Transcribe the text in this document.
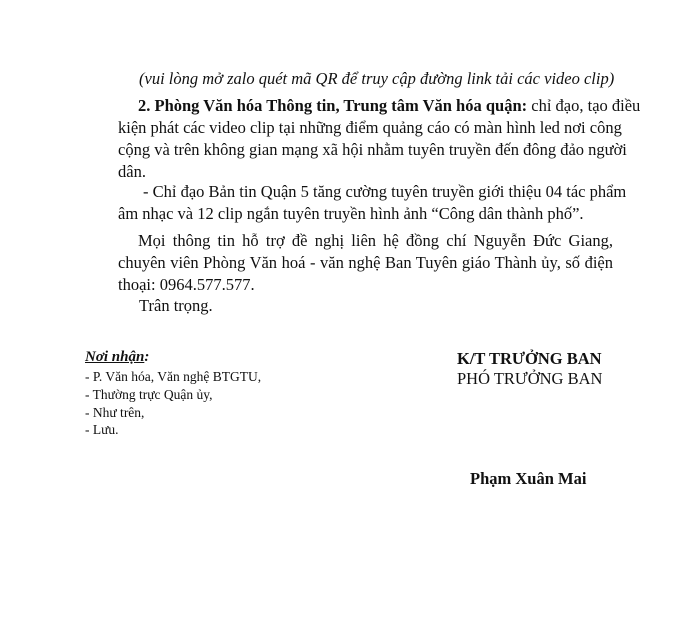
(vui lòng mở zalo quét mã QR để truy cập đường link tải các video clip)
2. Phòng Văn hóa Thông tin, Trung tâm Văn hóa quận: chỉ đạo, tạo điều
kiện phát các video clip tại những điểm quảng cáo có màn hình led nơi công
cộng và trên không gian mạng xã hội nhằm tuyên truyền đến đông đảo người
dân.
- Chỉ đạo Bản tin Quận 5 tăng cường tuyên truyền giới thiệu 04 tác phẩm
âm nhạc và 12 clip ngắn tuyên truyền hình ảnh “Công dân thành phố”.
Mọi thông tin hỗ trợ đề nghị liên hệ đồng chí Nguyễn Đức Giang,
chuyên viên Phòng Văn hoá - văn nghệ Ban Tuyên giáo Thành ủy, số điện
thoại: 0964.577.577.
Trân trọng.
Nơi nhận:
- P. Văn hóa, Văn nghệ BTGTU,
- Thường trực Quận ủy,
- Như trên,
- Lưu.
K/T TRƯỞNG BAN
PHÓ TRƯỞNG BAN
Phạm Xuân Mai
